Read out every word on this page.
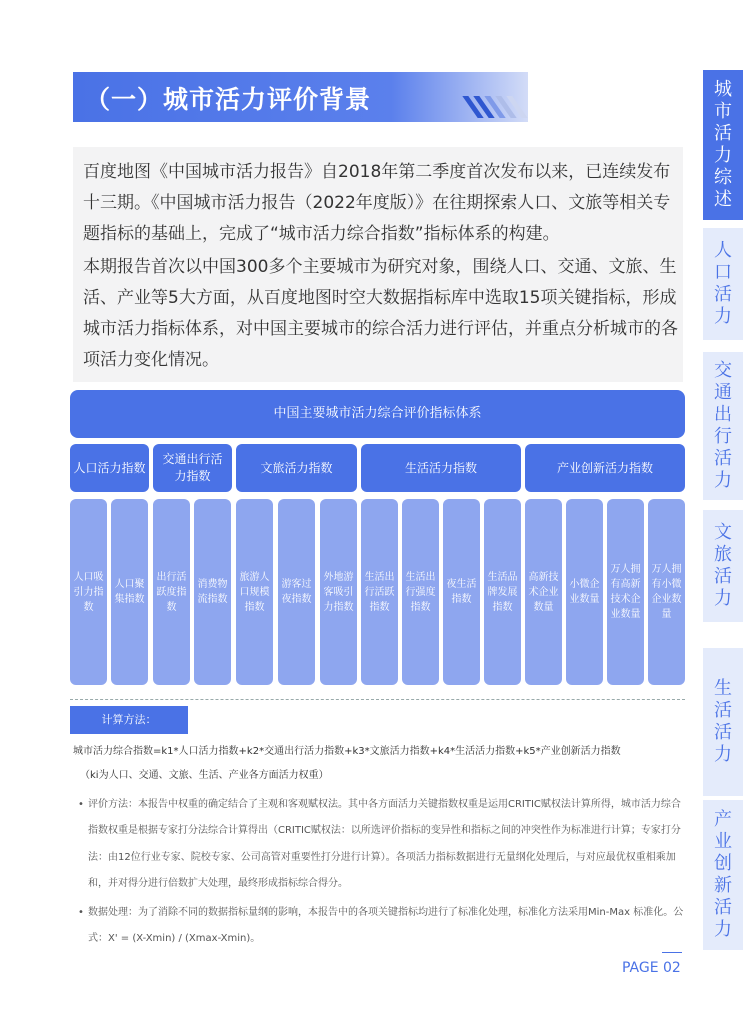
（一）城市活力评价背景	城市活力综述
人口活力
交通出行活力
文旅活力
生活活力
产业创新活力

百度地图《中国城市活力报告》自2018年第二季度首次发布以来，已连续发布十三期。《中国城市活力报告（2022年度版）》在往期探索人口、文旅等相关专题指标的基础上，完成了“城市活力综合指数”指标体系的构建。

本期报告首次以中国300多个主要城市为研究对象，围绕人口、交通、文旅、生活、产业等5大方面，从百度地图时空大数据指标库中选取15项关键指标，形成城市活力指标体系，对中国主要城市的综合活力进行评估，并重点分析城市的各项活力变化情况。

中国主要城市活力综合评价指标体系
人口活力指数
交通出行活力指数
文旅活力指数	生活活力指数	产业创新活力指数
人口吸引力指数
人口聚集指数
出行活跃度指数
消费物流指数
旅游人口规模指数
游客过夜指数
外地游客吸引力指数
生活出行活跃指数
生活出行强度指数
夜生活指数
生活品牌发展指数
高新技术企业数量
小微企业数量
万人拥有高新技术企业数量
万人拥有小微企业数量
计算方法：
城市活力综合指数=k1*人口活力指数+k2*交通出行活力指数+k3*文旅活力指数+k4*生活活力指数+k5*产业创新活力指数
（ki为人口、交通、文旅、生活、产业各方面活力权重）
• 评价方法：本报告中权重的确定结合了主观和客观赋权法。其中各方面活力关键指数权重是运用CRITIC赋权法计算所得，城市活力综合指数权重是根据专家打分法综合计算得出（CRITIC赋权法：以所选评价指标的变异性和指标之间的冲突性作为标准进行计算；专家打分法：由12位行业专家、院校专家、公司高管对重要性打分进行计算）。各项活力指标数据进行无量纲化处理后，与对应最优权重相乘加和，并对得分进行倍数扩大处理，最终形成指标综合得分。
• 数据处理：为了消除不同的数据指标量纲的影响，本报告中的各项关键指标均进行了标准化处理，标准化方法采用Min-Max 标准化。公式：X' = (X-Xmin) / (Xmax-Xmin)。
PAGE 02
